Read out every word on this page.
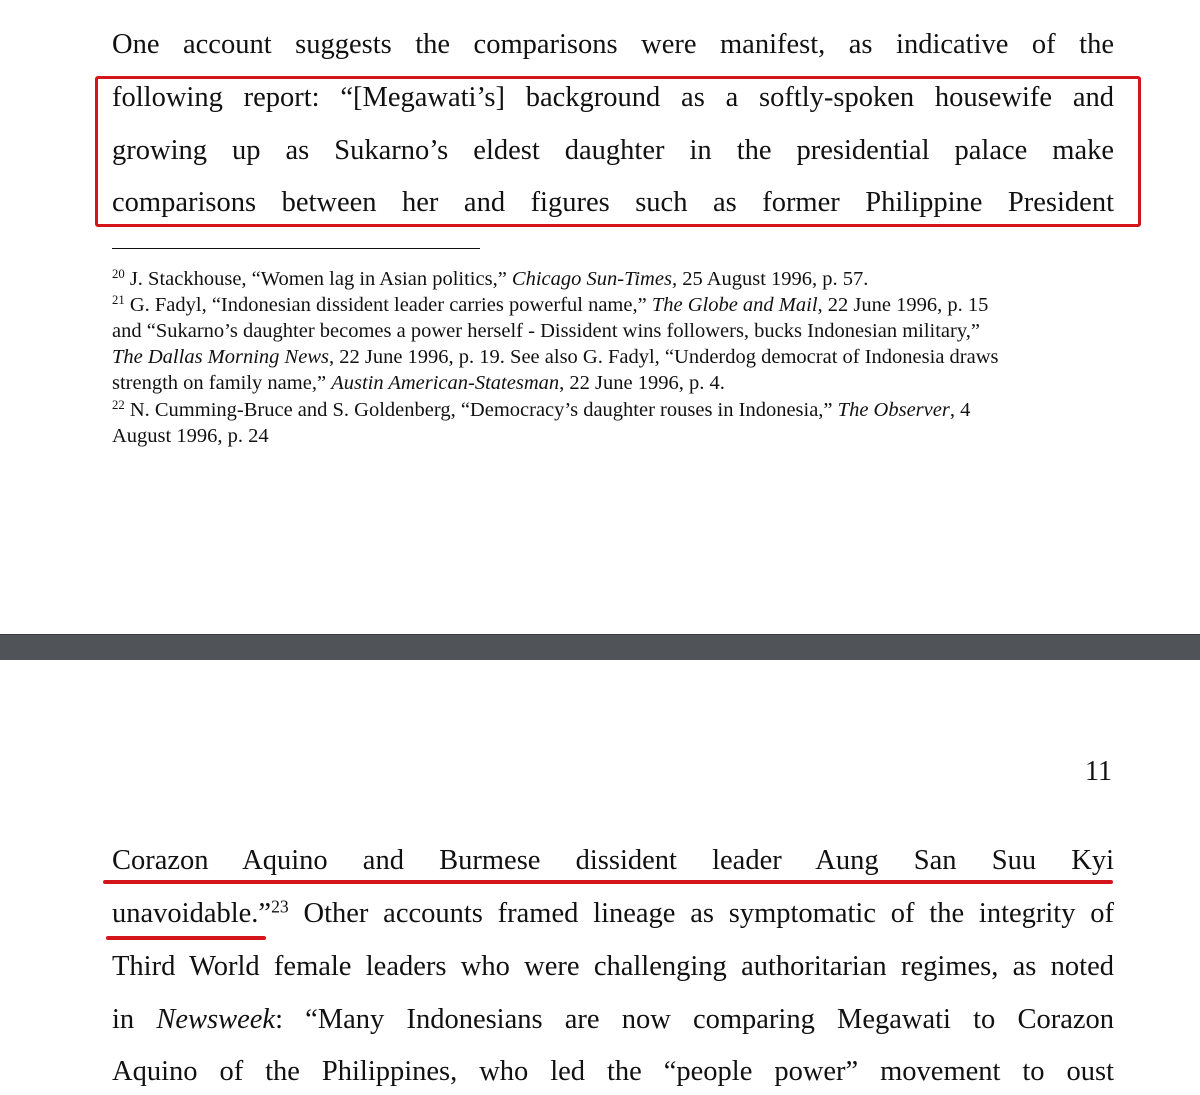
One account suggests the comparisons were manifest, as indicative of the
following report: “[Megawati’s] background as a softly-spoken housewife and
growing up as Sukarno’s eldest daughter in the presidential palace make
comparisons between her and figures such as former Philippine President
$^{20}$ J. Stackhouse, “Women lag in Asian politics,” Chicago Sun-Times, 25 August 1996, p. 57.
$^{21}$ G. Fadyl, “Indonesian dissident leader carries powerful name,” The Globe and Mail, 22 June 1996, p. 15
and “Sukarno’s daughter becomes a power herself - Dissident wins followers, bucks Indonesian military,”
The Dallas Morning News, 22 June 1996, p. 19. See also G. Fadyl, “Underdog democrat of Indonesia draws
strength on family name,” Austin American-Statesman, 22 June 1996, p. 4.
$^{22}$ N. Cumming-Bruce and S. Goldenberg, “Democracy’s daughter rouses in Indonesia,” The Observer, 4
August 1996, p. 24
11
Corazon Aquino and Burmese dissident leader Aung San Suu Kyi
unavoidable.”$^{23}$ Other accounts framed lineage as symptomatic of the integrity of
Third World female leaders who were challenging authoritarian regimes, as noted
in Newsweek: “Many Indonesians are now comparing Megawati to Corazon
Aquino of the Philippines, who led the “people power” movement to oust
